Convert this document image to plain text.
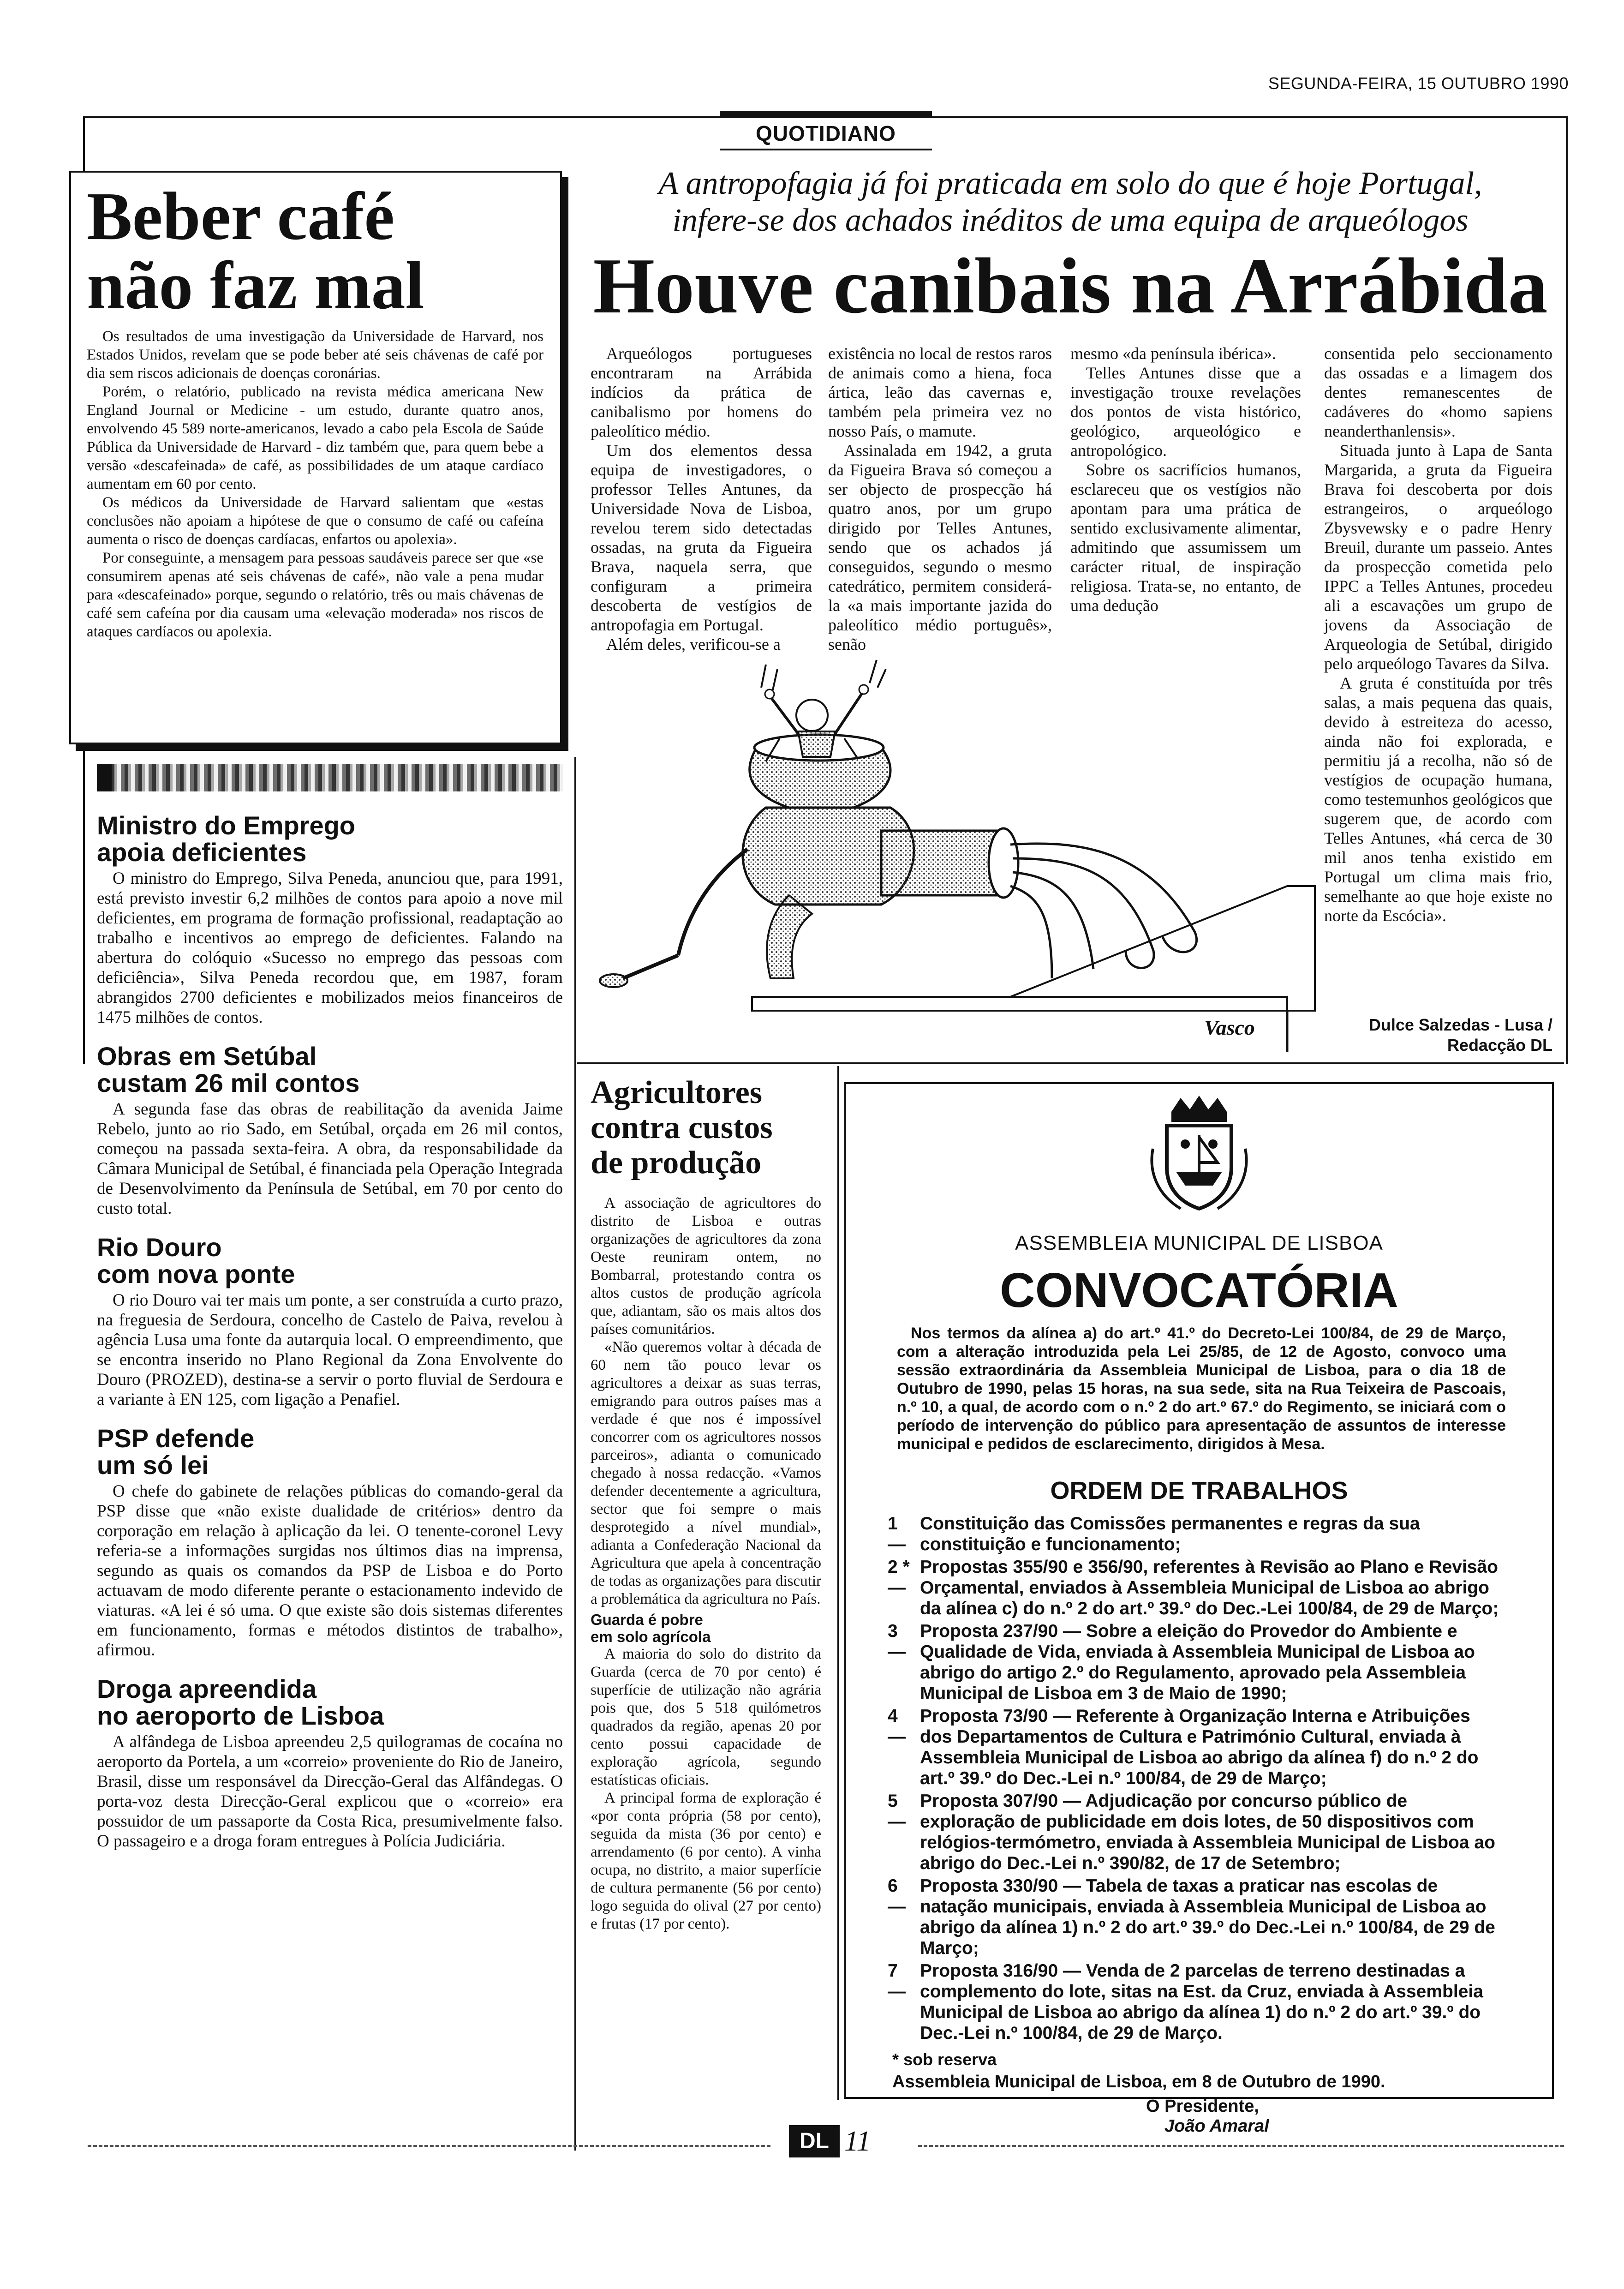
SEGUNDA-FEIRA, 15 OUTUBRO 1990
QUOTIDIANO
Beber café
não faz mal

Os resultados de uma investigação da Universidade de Harvard, nos Estados Unidos, revelam que se pode beber até seis chávenas de café por dia sem riscos adicionais de doenças coronárias.

Porém, o relatório, publicado na revista médica americana New England Journal or Medicine - um estudo, durante quatro anos, envolvendo 45 589 norte-americanos, levado a cabo pela Escola de Saúde Pública da Universidade de Harvard - diz também que, para quem bebe a versão «descafeinada» de café, as possibilidades de um ataque cardíaco aumentam em 60 por cento.

Os médicos da Universidade de Harvard salientam que «estas conclusões não apoiam a hipótese de que o consumo de café ou cafeína aumenta o risco de doenças cardíacas, enfartos ou apolexia».

Por conseguinte, a mensagem para pessoas saudáveis parece ser que «se consumirem apenas até seis chávenas de café», não vale a pena mudar para «descafeinado» porque, segundo o relatório, três ou mais chávenas de café sem cafeína por dia causam uma «elevação moderada» nos riscos de ataques cardíacos ou apolexia.

A antropofagia já foi praticada em solo do que é hoje Portugal,
infere-se dos achados inéditos de uma equipa de arqueólogos
Houve canibais na Arrábida

Arqueólogos portugueses encontraram na Arrábida indícios da prática de canibalismo por homens do paleolítico médio.

Um dos elementos dessa equipa de investigadores, o professor Telles Antunes, da Universidade Nova de Lisboa, revelou terem sido detectadas ossadas, na gruta da Figueira Brava, naquela serra, que configuram a primeira descoberta de vestígios de antropofagia em Portugal.

Além deles, verificou-se a

existência no local de restos raros de animais como a hiena, foca ártica, leão das cavernas e, também pela primeira vez no nosso País, o mamute.

Assinalada em 1942, a gruta da Figueira Brava só começou a ser objecto de prospecção há quatro anos, por um grupo dirigido por Telles Antunes, sendo que os achados já conseguidos, segundo o mesmo catedrático, permitem considerá-la «a mais importante jazida do paleolítico médio português», senão

mesmo «da península ibérica».

Telles Antunes disse que a investigação trouxe revelações dos pontos de vista histórico, geológico, arqueológico e antropológico.

Sobre os sacrifícios humanos, esclareceu que os vestígios não apontam para uma prática de sentido exclusivamente alimentar, admitindo que assumissem um carácter ritual, de inspiração religiosa. Trata-se, no entanto, de uma dedução

consentida pelo seccionamento das ossadas e a limagem dos dentes remanescentes de cadáveres do «homo sapiens neanderthanlensis».

Situada junto à Lapa de Santa Margarida, a gruta da Figueira Brava foi descoberta por dois estrangeiros, o arqueólogo Zbysvewsky e o padre Henry Breuil, durante um passeio. Antes da prospecção cometida pelo IPPC a Telles Antunes, procedeu ali a escavações um grupo de jovens da Associação de Arqueologia de Setúbal, dirigido pelo arqueólogo Tavares da Silva.

A gruta é constituída por três salas, a mais pequena das quais, devido à estreiteza do acesso, ainda não foi explorada, e permitiu já a recolha, não só de vestígios de ocupação humana, como testemunhos geológicos que sugerem que, de acordo com Telles Antunes, «há cerca de 30 mil anos tenha existido em Portugal um clima mais frio, semelhante ao que hoje existe no norte da Escócia».

Dulce Salzedas - Lusa /
Redacção DL
Vasco
Ministro do Emprego
apoia deficientes

O ministro do Emprego, Silva Peneda, anunciou que, para 1991, está previsto investir 6,2 milhões de contos para apoio a nove mil deficientes, em programa de formação profissional, readaptação ao trabalho e incentivos ao emprego de deficientes. Falando na abertura do colóquio «Sucesso no emprego das pessoas com deficiência», Silva Peneda recordou que, em 1987, foram abrangidos 2700 deficientes e mobilizados meios financeiros de 1475 milhões de contos.

Obras em Setúbal
custam 26 mil contos

A segunda fase das obras de reabilitação da avenida Jaime Rebelo, junto ao rio Sado, em Setúbal, orçada em 26 mil contos, começou na passada sexta-feira. A obra, da responsabilidade da Câmara Municipal de Setúbal, é financiada pela Operação Integrada de Desenvolvimento da Península de Setúbal, em 70 por cento do custo total.

Rio Douro
com nova ponte

O rio Douro vai ter mais um ponte, a ser construída a curto prazo, na freguesia de Serdoura, concelho de Castelo de Paiva, revelou à agência Lusa uma fonte da autarquia local. O empreendimento, que se encontra inserido no Plano Regional da Zona Envolvente do Douro (PROZED), destina-se a servir o porto fluvial de Serdoura e a variante à EN 125, com ligação a Penafiel.

PSP defende
um só lei

O chefe do gabinete de relações públicas do comando-geral da PSP disse que «não existe dualidade de critérios» dentro da corporação em relação à aplicação da lei. O tenente-coronel Levy referia-se a informações surgidas nos últimos dias na imprensa, segundo as quais os comandos da PSP de Lisboa e do Porto actuavam de modo diferente perante o estacionamento indevido de viaturas. «A lei é só uma. O que existe são dois sistemas diferentes em funcionamento, formas e métodos distintos de trabalho», afirmou.

Droga apreendida
no aeroporto de Lisboa

A alfândega de Lisboa apreendeu 2,5 quilogramas de cocaína no aeroporto da Portela, a um «correio» proveniente do Rio de Janeiro, Brasil, disse um responsável da Direcção-Geral das Alfândegas. O porta-voz desta Direcção-Geral explicou que o «correio» era possuidor de um passaporte da Costa Rica, presumivelmente falso. O passageiro e a droga foram entregues à Polícia Judiciária.

Agricultores
contra custos
de produção

A associação de agricultores do distrito de Lisboa e outras organizações de agricultores da zona Oeste reuniram ontem, no Bombarral, protestando contra os altos custos de produção agrícola que, adiantam, são os mais altos dos países comunitários.

«Não queremos voltar à década de 60 nem tão pouco levar os agricultores a deixar as suas terras, emigrando para outros países mas a verdade é que nos é impossível concorrer com os agricultores nossos parceiros», adianta o comunicado chegado à nossa redacção. «Vamos defender decentemente a agricultura, sector que foi sempre o mais desprotegido a nível mundial», adianta a Confederação Nacional da Agricultura que apela à concentração de todas as organizações para discutir a problemática da agricultura no País.

Guarda é pobre
em solo agrícola

A maioria do solo do distrito da Guarda (cerca de 70 por cento) é superfície de utilização não agrária pois que, dos 5 518 quilómetros quadrados da região, apenas 20 por cento possui capacidade de exploração agrícola, segundo estatísticas oficiais.

A principal forma de exploração é «por conta própria (58 por cento), seguida da mista (36 por cento) e arrendamento (6 por cento). A vinha ocupa, no distrito, a maior superfície de cultura permanente (56 por cento) logo seguida do olival (27 por cento) e frutas (17 por cento).

ASSEMBLEIA MUNICIPAL DE LISBOA
CONVOCATÓRIA
Nos termos da alínea a) do art.º 41.º do Decreto-Lei 100/84, de 29 de Março, com a alteração introduzida pela Lei 25/85, de 12 de Agosto, convoco uma sessão extraordinária da Assembleia Municipal de Lisboa, para o dia 18 de Outubro de 1990, pelas 15 horas, na sua sede, sita na Rua Teixeira de Pascoais, n.º 10, a qual, de acordo com o n.º 2 do art.º 67.º do Regimento, se iniciará com o período de intervenção do público para apresentação de assuntos de interesse municipal e pedidos de esclarecimento, dirigidos à Mesa.
ORDEM DE TRABALHOS
1 —
Constituição das Comissões permanentes e regras da sua constituição e funcionamento;
2 * —
Propostas 355/90 e 356/90, referentes à Revisão ao Plano e Revisão Orçamental, enviados à Assembleia Municipal de Lisboa ao abrigo da alínea c) do n.º 2 do art.º 39.º do Dec.-Lei 100/84, de 29 de Março;
3 —
Proposta 237/90 — Sobre a eleição do Provedor do Ambiente e Qualidade de Vida, enviada à Assembleia Municipal de Lisboa ao abrigo do artigo 2.º do Regulamento, aprovado pela Assembleia Municipal de Lisboa em 3 de Maio de 1990;
4 —
Proposta 73/90 — Referente à Organização Interna e Atribuições dos Departamentos de Cultura e Património Cultural, enviada à Assembleia Municipal de Lisboa ao abrigo da alínea f) do n.º 2 do art.º 39.º do Dec.-Lei n.º 100/84, de 29 de Março;
5 —
Proposta 307/90 — Adjudicação por concurso público de exploração de publicidade em dois lotes, de 50 dispositivos com relógios-termómetro, enviada à Assembleia Municipal de Lisboa ao abrigo do Dec.-Lei n.º 390/82, de 17 de Setembro;
6 —
Proposta 330/90 — Tabela de taxas a praticar nas escolas de natação municipais, enviada à Assembleia Municipal de Lisboa ao abrigo da alínea 1) n.º 2 do art.º 39.º do Dec.-Lei n.º 100/84, de 29 de Março;
7 —
Proposta 316/90 — Venda de 2 parcelas de terreno destinadas a complemento do lote, sitas na Est. da Cruz, enviada à Assembleia Municipal de Lisboa ao abrigo da alínea 1) do n.º 2 do art.º 39.º do Dec.-Lei n.º 100/84, de 29 de Março.
* sob reserva
Assembleia Municipal de Lisboa, em 8 de Outubro de 1990.
O Presidente,
João Amaral
DL 11
